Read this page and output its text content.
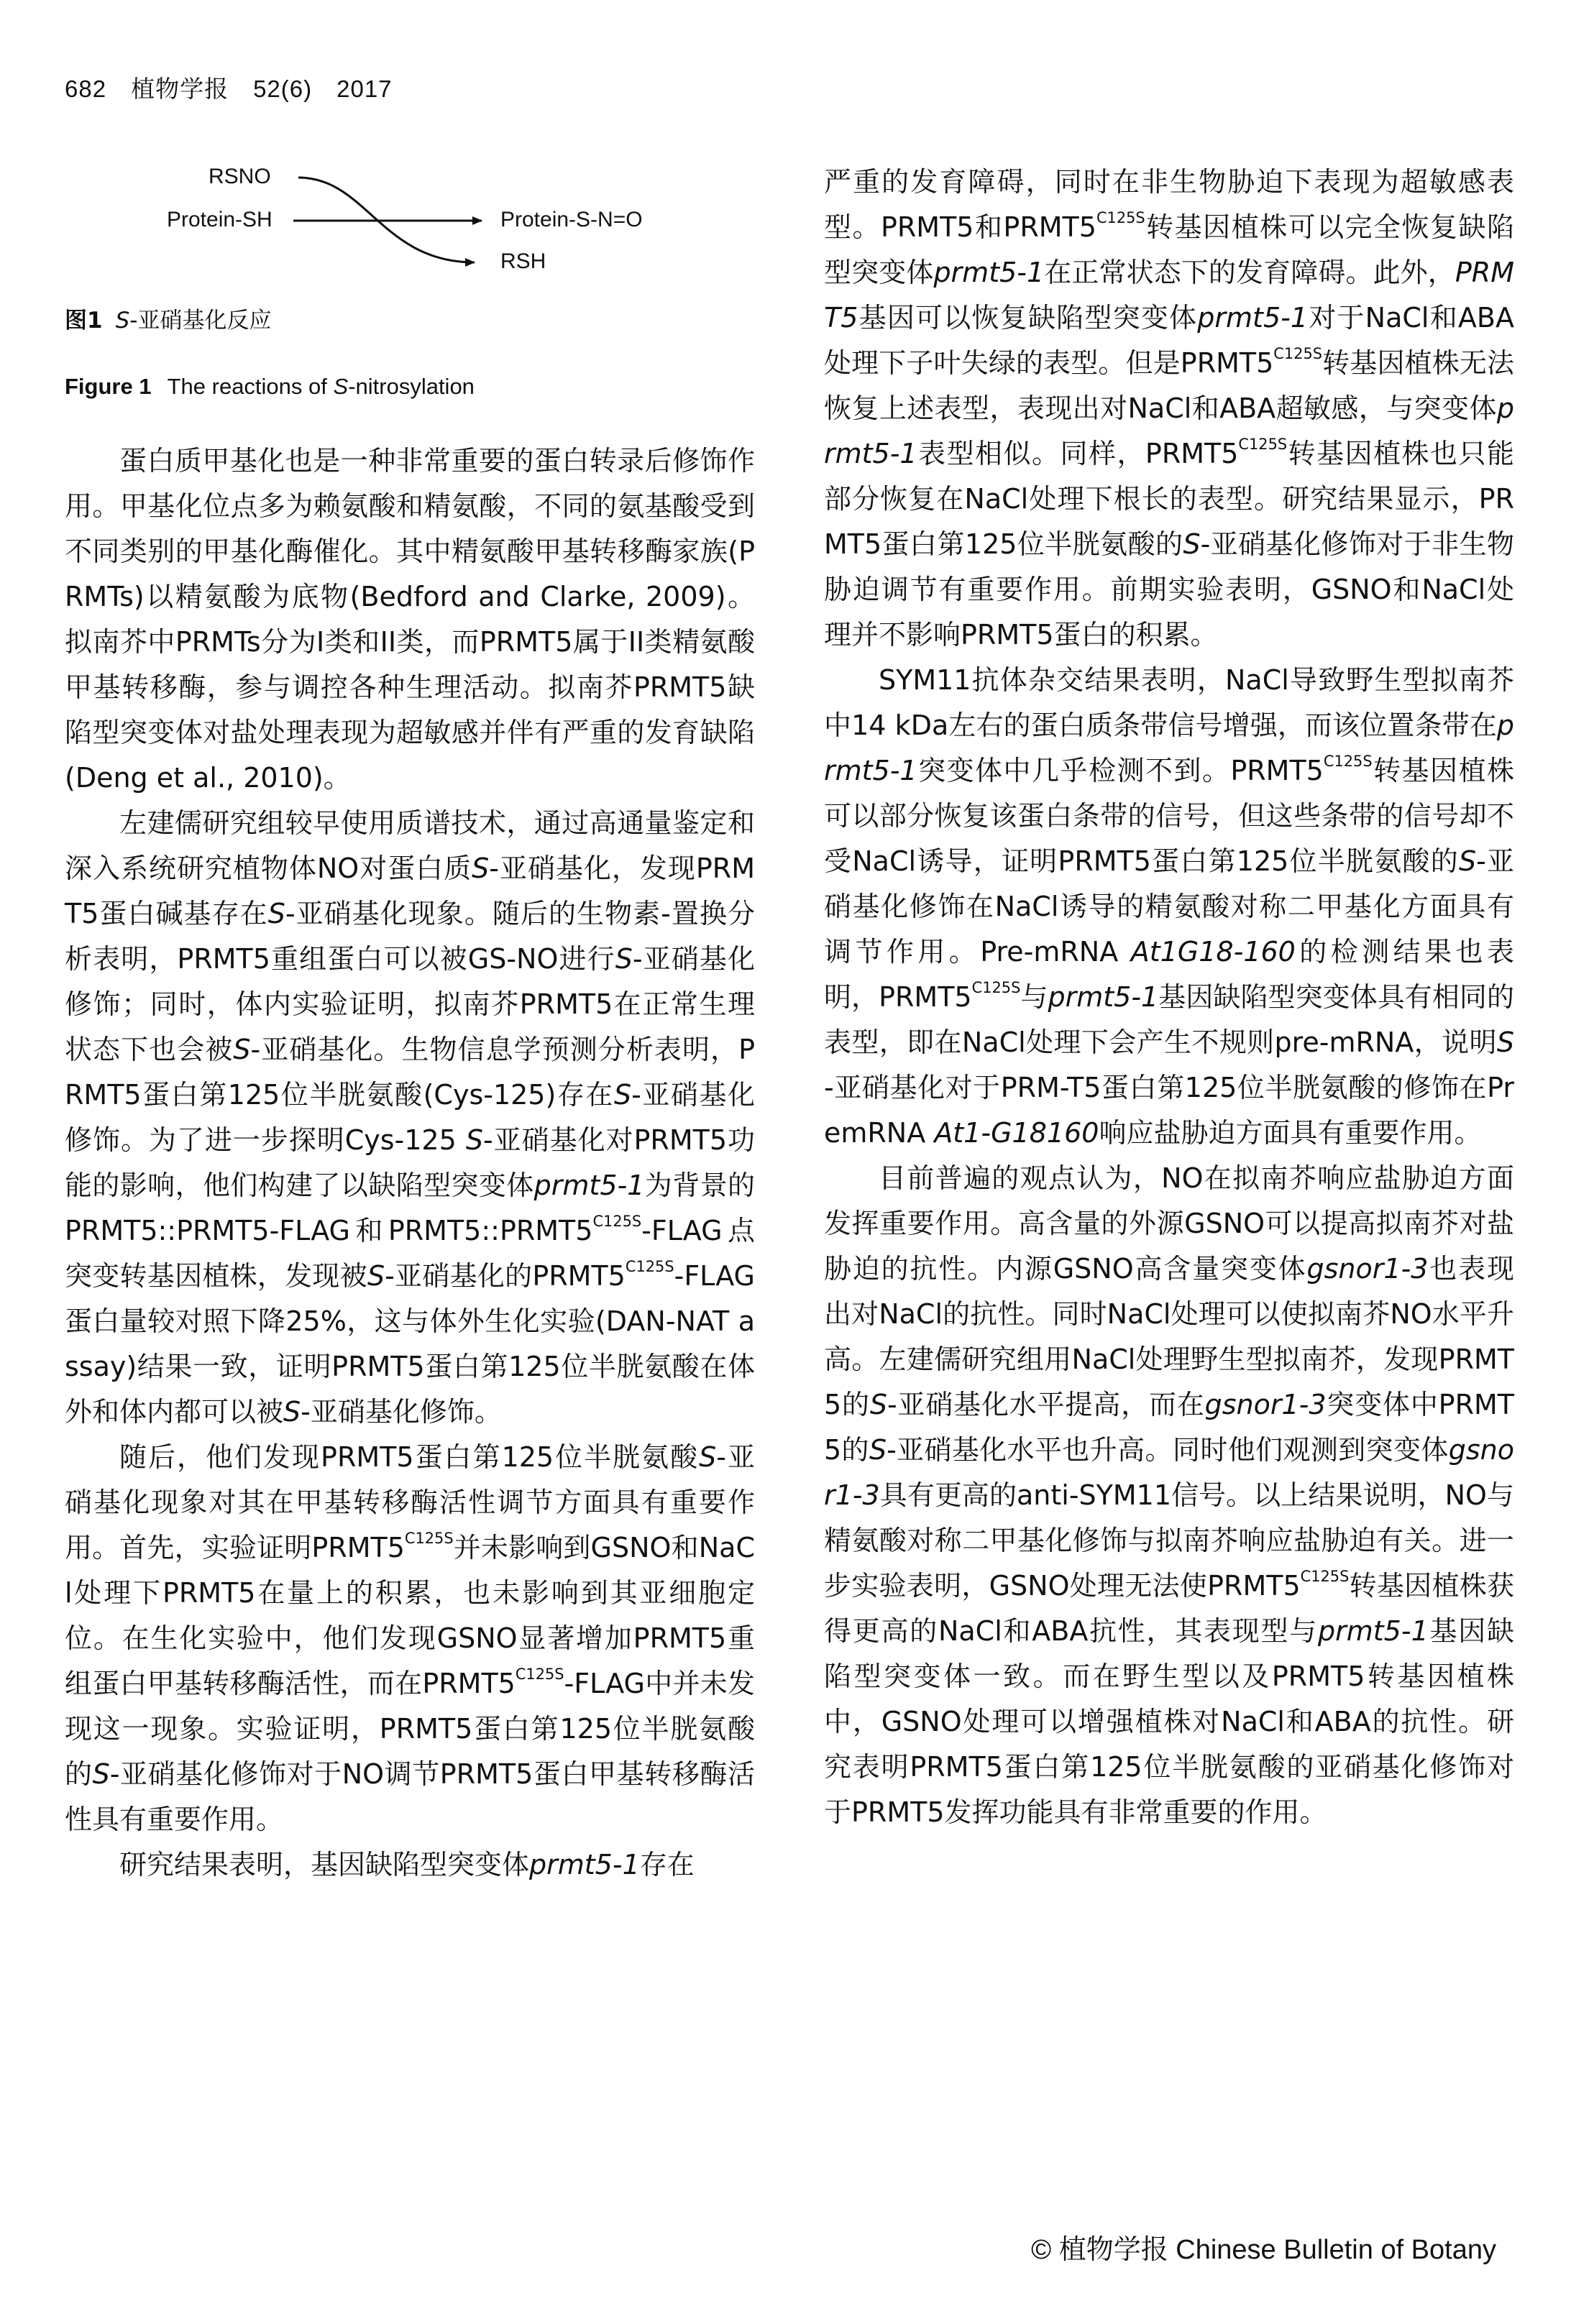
682 植物学报 52(6) 2017
RSNO
Protein-SH	Protein-S-N=O
RSH
图1 S-亚硝基化反应
Figure 1 The reactions of S-nitrosylation

蛋白质甲基化也是一种非常重要的蛋白转录后修饰作用。甲基化位点多为赖氨酸和精氨酸，不同的氨基酸受到不同类别的甲基化酶催化。其中精氨酸甲基转移酶家族(PRMTs)以精氨酸为底物(Bedford and Clarke, 2009)。拟南芥中PRMTs分为I类和II类，而PRMT5属于II类精氨酸甲基转移酶，参与调控各种生理活动。拟南芥PRMT5缺陷型突变体对盐处理表现为超敏感并伴有严重的发育缺陷(Deng et al., 2010)。

左建儒研究组较早使用质谱技术，通过高通量鉴定和深入系统研究植物体NO对蛋白质S-亚硝基化，发现PRMT5蛋白碱基存在S-亚硝基化现象。随后的生物素-置换分析表明，PRMT5重组蛋白可以被GS-NO进行S-亚硝基化修饰；同时，体内实验证明，拟南芥PRMT5在正常生理状态下也会被S-亚硝基化。生物信息学预测分析表明，PRMT5蛋白第125位半胱氨酸(Cys-125)存在S-亚硝基化修饰。为了进一步探明Cys-125 S-亚硝基化对PRMT5功能的影响，他们构建了以缺陷型突变体prmt5-1为背景的PRMT5::PRMT5-FLAG和$PRMT5::PRMT5^{C125S}$-FLAG点突变转基因植株，发现被S-亚硝基化的$PRMT5^{C125S}$-FLAG蛋白量较对照下降25%，这与体外生化实验(DAN-NAT assay)结果一致，证明PRMT5蛋白第125位半胱氨酸在体外和体内都可以被S-亚硝基化修饰。

随后，他们发现PRMT5蛋白第125位半胱氨酸S-亚硝基化现象对其在甲基转移酶活性调节方面具有重要作用。首先，实验证明$PRMT5^{C125S}$并未影响到GSNO和NaCl处理下PRMT5在量上的积累，也未影响到其亚细胞定位。在生化实验中，他们发现GSNO显著增加PRMT5重组蛋白甲基转移酶活性，而在$PRMT5^{C125S}$-FLAG中并未发现这一现象。实验证明，PRMT5蛋白第125位半胱氨酸的S-亚硝基化修饰对于NO调节PRMT5蛋白甲基转移酶活性具有重要作用。

研究结果表明，基因缺陷型突变体prmt5-1存在

严重的发育障碍，同时在非生物胁迫下表现为超敏感表型。PRMT5和$PRMT5^{C125S}$转基因植株可以完全恢复缺陷型突变体prmt5-1在正常状态下的发育障碍。此外，PRMT5基因可以恢复缺陷型突变体prmt5-1对于NaCl和ABA处理下子叶失绿的表型。但是$PRMT5^{C125S}$转基因植株无法恢复上述表型，表现出对NaCl和ABA超敏感，与突变体prmt5-1表型相似。同样，$PRMT5^{C125S}$转基因植株也只能部分恢复在NaCl处理下根长的表型。研究结果显示，PRMT5蛋白第125位半胱氨酸的S-亚硝基化修饰对于非生物胁迫调节有重要作用。前期实验表明，GSNO和NaCl处理并不影响PRMT5蛋白的积累。

SYM11抗体杂交结果表明，NaCl导致野生型拟南芥中14 kDa左右的蛋白质条带信号增强，而该位置条带在prmt5-1突变体中几乎检测不到。$PRMT5^{C125S}$转基因植株可以部分恢复该蛋白条带的信号，但这些条带的信号却不受NaCl诱导，证明PRMT5蛋白第125位半胱氨酸的S-亚硝基化修饰在NaCl诱导的精氨酸对称二甲基化方面具有调节作用。Pre-mRNA At1G18-160的检测结果也表明，$PRMT5^{C125S}$与prmt5-1基因缺陷型突变体具有相同的表型，即在NaCl处理下会产生不规则pre-mRNA，说明S-亚硝基化对于PRM-T5蛋白第125位半胱氨酸的修饰在PremRNA At1-G18160响应盐胁迫方面具有重要作用。

目前普遍的观点认为，NO在拟南芥响应盐胁迫方面发挥重要作用。高含量的外源GSNO可以提高拟南芥对盐胁迫的抗性。内源GSNO高含量突变体gsnor1-3也表现出对NaCl的抗性。同时NaCl处理可以使拟南芥NO水平升高。左建儒研究组用NaCl处理野生型拟南芥，发现PRMT5的S-亚硝基化水平提高，而在gsnor1-3突变体中PRMT5的S-亚硝基化水平也升高。同时他们观测到突变体gsnor1-3具有更高的anti-SYM11信号。以上结果说明，NO与精氨酸对称二甲基化修饰与拟南芥响应盐胁迫有关。进一步实验表明，GSNO处理无法使$PRMT5^{C125S}$转基因植株获得更高的NaCl和ABA抗性，其表现型与prmt5-1基因缺陷型突变体一致。而在野生型以及PRMT5转基因植株中，GSNO处理可以增强植株对NaCl和ABA的抗性。研究表明PRMT5蛋白第125位半胱氨酸的亚硝基化修饰对于PRMT5发挥功能具有非常重要的作用。

© 植物学报 Chinese Bulletin of Botany
